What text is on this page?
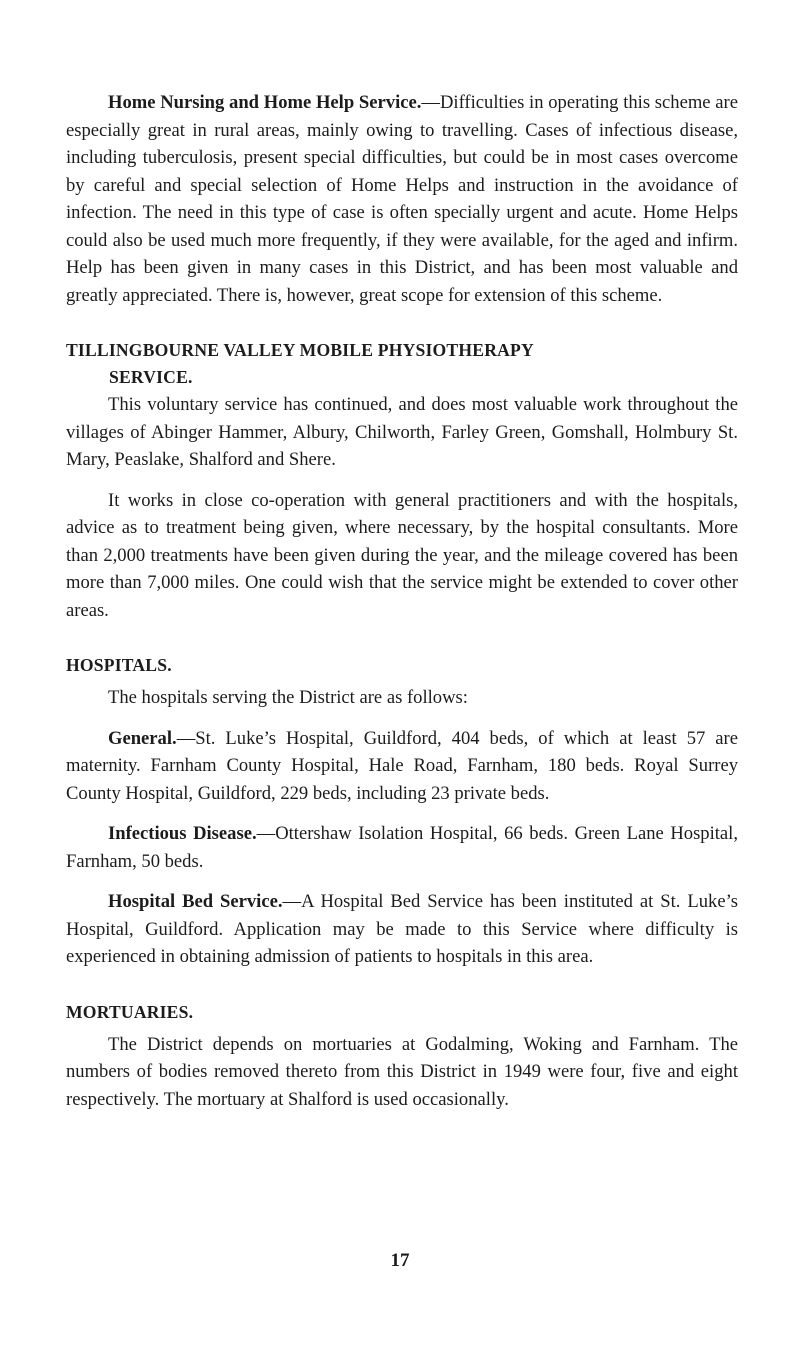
Home Nursing and Home Help Service.—Difficulties in operating this scheme are especially great in rural areas, mainly owing to travelling. Cases of infectious disease, including tuberculosis, present special difficulties, but could be in most cases overcome by careful and special selection of Home Helps and instruction in the avoidance of infection. The need in this type of case is often specially urgent and acute. Home Helps could also be used much more frequently, if they were available, for the aged and infirm. Help has been given in many cases in this District, and has been most valuable and greatly appreciated. There is, however, great scope for extension of this scheme.

TILLINGBOURNE VALLEY MOBILE PHYSIOTHERAPY
SERVICE.

This voluntary service has continued, and does most valuable work throughout the villages of Abinger Hammer, Albury, Chilworth, Farley Green, Gomshall, Holmbury St. Mary, Peaslake, Shalford and Shere.

It works in close co-operation with general practitioners and with the hospitals, advice as to treatment being given, where necessary, by the hospital consultants. More than 2,000 treatments have been given during the year, and the mileage covered has been more than 7,000 miles. One could wish that the service might be extended to cover other areas.

HOSPITALS.

The hospitals serving the District are as follows:

General.—St. Luke’s Hospital, Guildford, 404 beds, of which at least 57 are maternity. Farnham County Hospital, Hale Road, Farnham, 180 beds. Royal Surrey County Hospital, Guildford, 229 beds, including 23 private beds.

Infectious Disease.—Ottershaw Isolation Hospital, 66 beds. Green Lane Hospital, Farnham, 50 beds.

Hospital Bed Service.—A Hospital Bed Service has been instituted at St. Luke’s Hospital, Guildford. Application may be made to this Service where difficulty is experienced in obtaining admission of patients to hospitals in this area.

MORTUARIES.

The District depends on mortuaries at Godalming, Woking and Farnham. The numbers of bodies removed thereto from this District in 1949 were four, five and eight respectively. The mortuary at Shalford is used occasionally.

17
